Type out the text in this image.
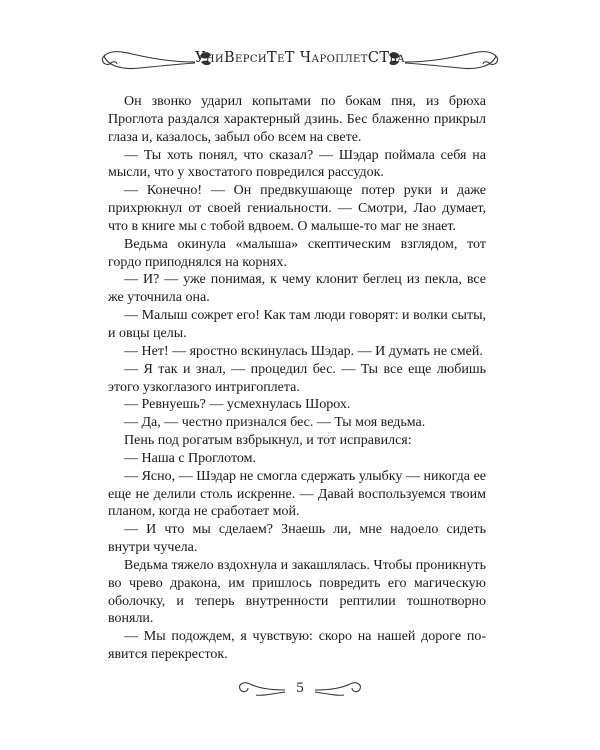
УниВерсиТеТ ЧароплетСТва

Он звонко ударил копытами по бокам пня, из брюха Проглота раздался характерный дзинь. Бес блаженно прикрыл глаза и, казалось, забыл обо всем на свете.

— Ты хоть понял, что сказал? — Шэдар поймала себя на мысли, что у хвостатого повредился рассудок.

— Конечно! — Он предвкушающе потер руки и даже прихрюкнул от своей гениальности. — Смотри, Лао думает, что в книге мы с тобой вдвоем. О малыше-то маг не знает.

Ведьма окинула «малыша» скептическим взглядом, тот гордо приподнялся на корнях.

— И? — уже понимая, к чему клонит беглец из пекла, все же уточнила она.

— Малыш сожрет его! Как там люди говорят: и волки сыты, и овцы целы.

— Нет! — яростно вскинулась Шэдар. — И думать не смей.

— Я так и знал, — процедил бес. — Ты все еще любишь этого узкоглазого интригоплета.

— Ревнуешь? — усмехнулась Шорох.

— Да, — честно признался бес. — Ты моя ведьма.

Пень под рогатым взбрыкнул, и тот исправился:

— Наша с Проглотом.

— Ясно, — Шэдар не смогла сдержать улыбку — никогда ее еще не делили столь искренне. — Давай воспользуемся твоим планом, когда не сработает мой.

— И что мы сделаем? Знаешь ли, мне надоело сидеть внутри чучела.

Ведьма тяжело вздохнула и закашлялась. Чтобы проникнуть во чрево дракона, им пришлось повредить его магическую оболочку, и теперь внутренности рептилии тошнотворно воняли.

— Мы подождем, я чувствую: скоро на нашей дороге появится перекресток.

5
